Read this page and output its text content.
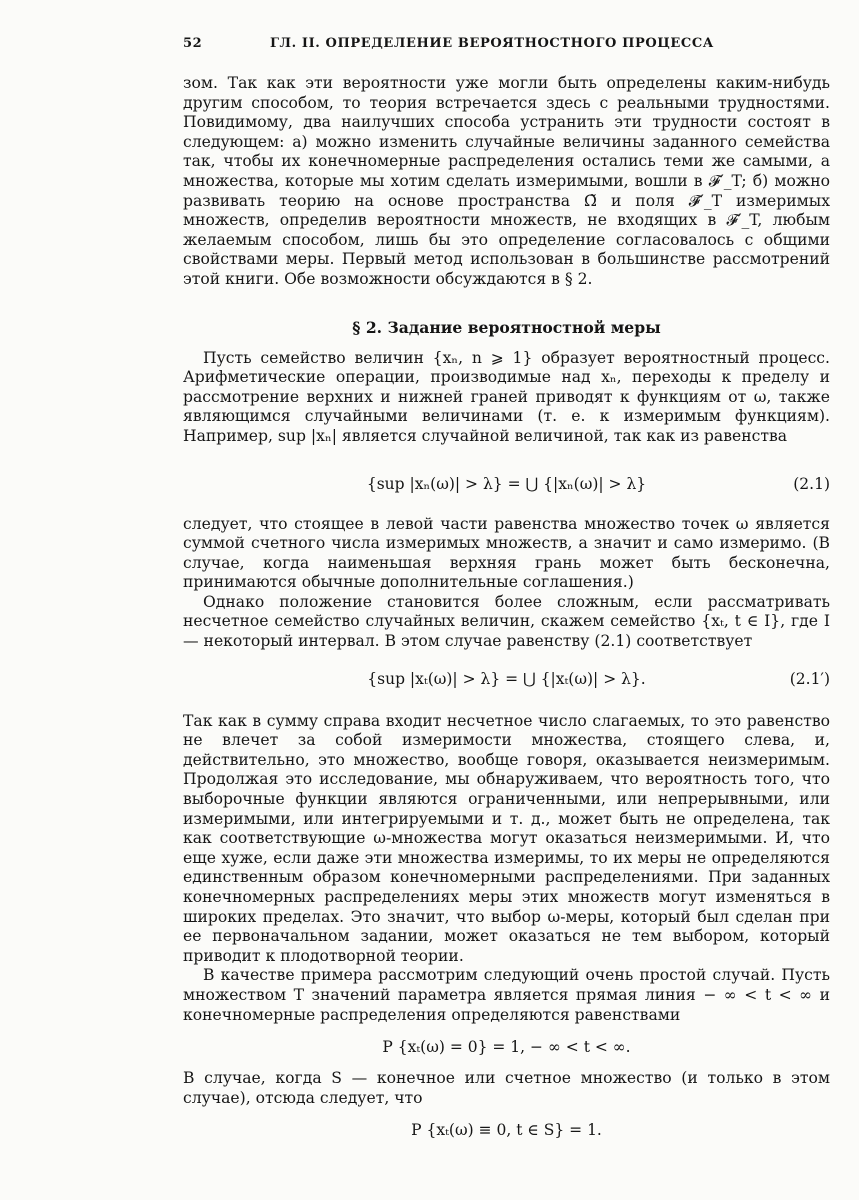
52	ГЛ. II. ОПРЕДЕЛЕНИЕ ВЕРОЯТНОСТНОГО ПРОЦЕССА

зом. Так как эти вероятности уже могли быть определены каким-нибудь другим способом, то теория встречается здесь с реальными трудностями. Повидимому, два наилучших способа устранить эти трудности состоят в следующем: а) можно изменить случайные величины заданного семейства так, чтобы их конечномерные распределения остались теми же самыми, а множества, которые мы хотим сделать измеримыми, вошли в 𝓕′_T; б) можно развивать теорию на основе пространства Ω̃ и поля 𝓕̃′_T измеримых множеств, определив вероятности множеств, не входящих в 𝓕′_T, любым желаемым способом, лишь бы это определение согласовалось с общими свойствами меры. Первый метод использован в большинстве рассмотрений этой книги. Обе возможности обсуждаются в § 2.

§ 2. Задание вероятностной меры

Пусть семейство величин {xₙ, n ⩾ 1} образует вероятностный процесс. Арифметические операции, производимые над xₙ, переходы к пределу и рассмотрение верхних и нижней граней приводят к функциям от ω, также являющимся случайными величинами (т. е. к измеримым функциям). Например, sup |xₙ| является случайной величиной, так как из равенства

{sup |xₙ(ω)| > λ} = ⋃ {|xₙ(ω)| > λ}	(2.1)

следует, что стоящее в левой части равенства множество точек ω является суммой счетного числа измеримых множеств, а значит и само измеримо. (В случае, когда наименьшая верхняя грань может быть бесконечна, принимаются обычные дополнительные соглашения.)

Однако положение становится более сложным, если рассматривать несчетное семейство случайных величин, скажем семейство {xₜ, t ∈ I}, где I — некоторый интервал. В этом случае равенству (2.1) соответствует

{sup |xₜ(ω)| > λ} = ⋃ {|xₜ(ω)| > λ}.	(2.1′)

Так как в сумму справа входит несчетное число слагаемых, то это равенство не влечет за собой измеримости множества, стоящего слева, и, действительно, это множество, вообще говоря, оказывается неизмеримым. Продолжая это исследование, мы обнаруживаем, что вероятность того, что выборочные функции являются ограниченными, или непрерывными, или измеримыми, или интегрируемыми и т. д., может быть не определена, так как соответствующие ω-множества могут оказаться неизмеримыми. И, что еще хуже, если даже эти множества измеримы, то их меры не определяются единственным образом конечномерными распределениями. При заданных конечномерных распределениях меры этих множеств могут изменяться в широких пределах. Это значит, что выбор ω-меры, который был сделан при ее первоначальном задании, может оказаться не тем выбором, который приводит к плодотворной теории.

В качестве примера рассмотрим следующий очень простой случай. Пусть множеством T значений параметра является прямая линия − ∞ < t < ∞ и конечномерные распределения определяются равенствами

P {xₜ(ω) = 0} = 1, − ∞ < t < ∞.

В случае, когда S — конечное или счетное множество (и только в этом случае), отсюда следует, что

P {xₜ(ω) ≡ 0, t ∈ S} = 1.
